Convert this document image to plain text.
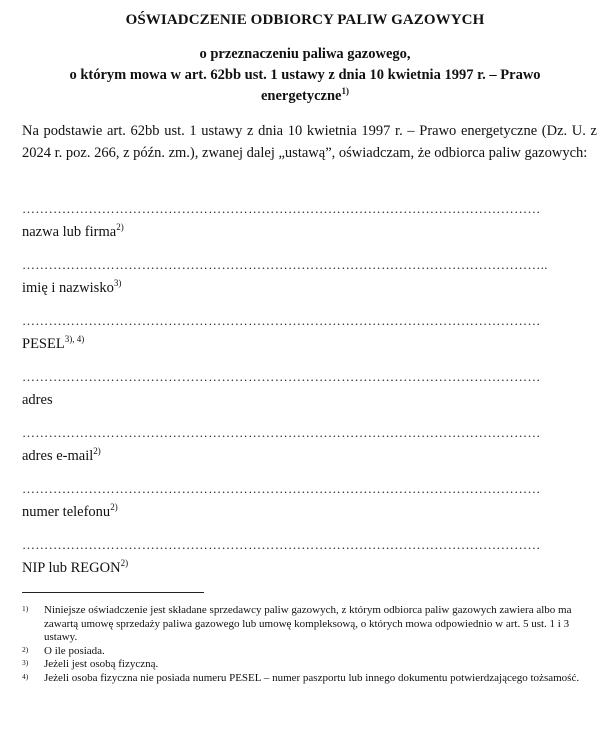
OŚWIADCZENIE ODBIORCY PALIW GAZOWYCH
o przeznaczeniu paliwa gazowego,
o którym mowa w art. 62bb ust. 1 ustawy z dnia 10 kwietnia 1997 r. – Prawo
energetyczne$^{1)}$
Na podstawie art. 62bb ust. 1 ustawy z dnia 10 kwietnia 1997 r. – Prawo energetyczne (Dz. U. z 2024 r. poz. 266, z późn. zm.), zwanej dalej „ustawą”, oświadczam, że odbiorca paliw gazowych:
………………………………………………………………………………………………………
nazwa lub firma$^{2)}$
………………………………………………………………………………………………………..
imię i nazwisko$^{3)}$
………………………………………………………………………………………………………
$PESEL^{3), 4)}$
………………………………………………………………………………………………………
adres
………………………………………………………………………………………………………
adres e-mail$^{2)}$
………………………………………………………………………………………………………
numer telefonu$^{2)}$
………………………………………………………………………………………………………
NIP lub REGON$^{2)}$
1)	Niniejsze oświadczenie jest składane sprzedawcy paliw gazowych, z którym odbiorca paliw gazowych zawiera albo ma zawartą umowę sprzedaży paliwa gazowego lub umowę kompleksową, o których mowa odpowiednio w art. 5 ust. 1 i 3 ustawy.
2)	O ile posiada.
3)	Jeżeli jest osobą fizyczną.
4)	Jeżeli osoba fizyczna nie posiada numeru PESEL – numer paszportu lub innego dokumentu potwierdzającego tożsamość.
